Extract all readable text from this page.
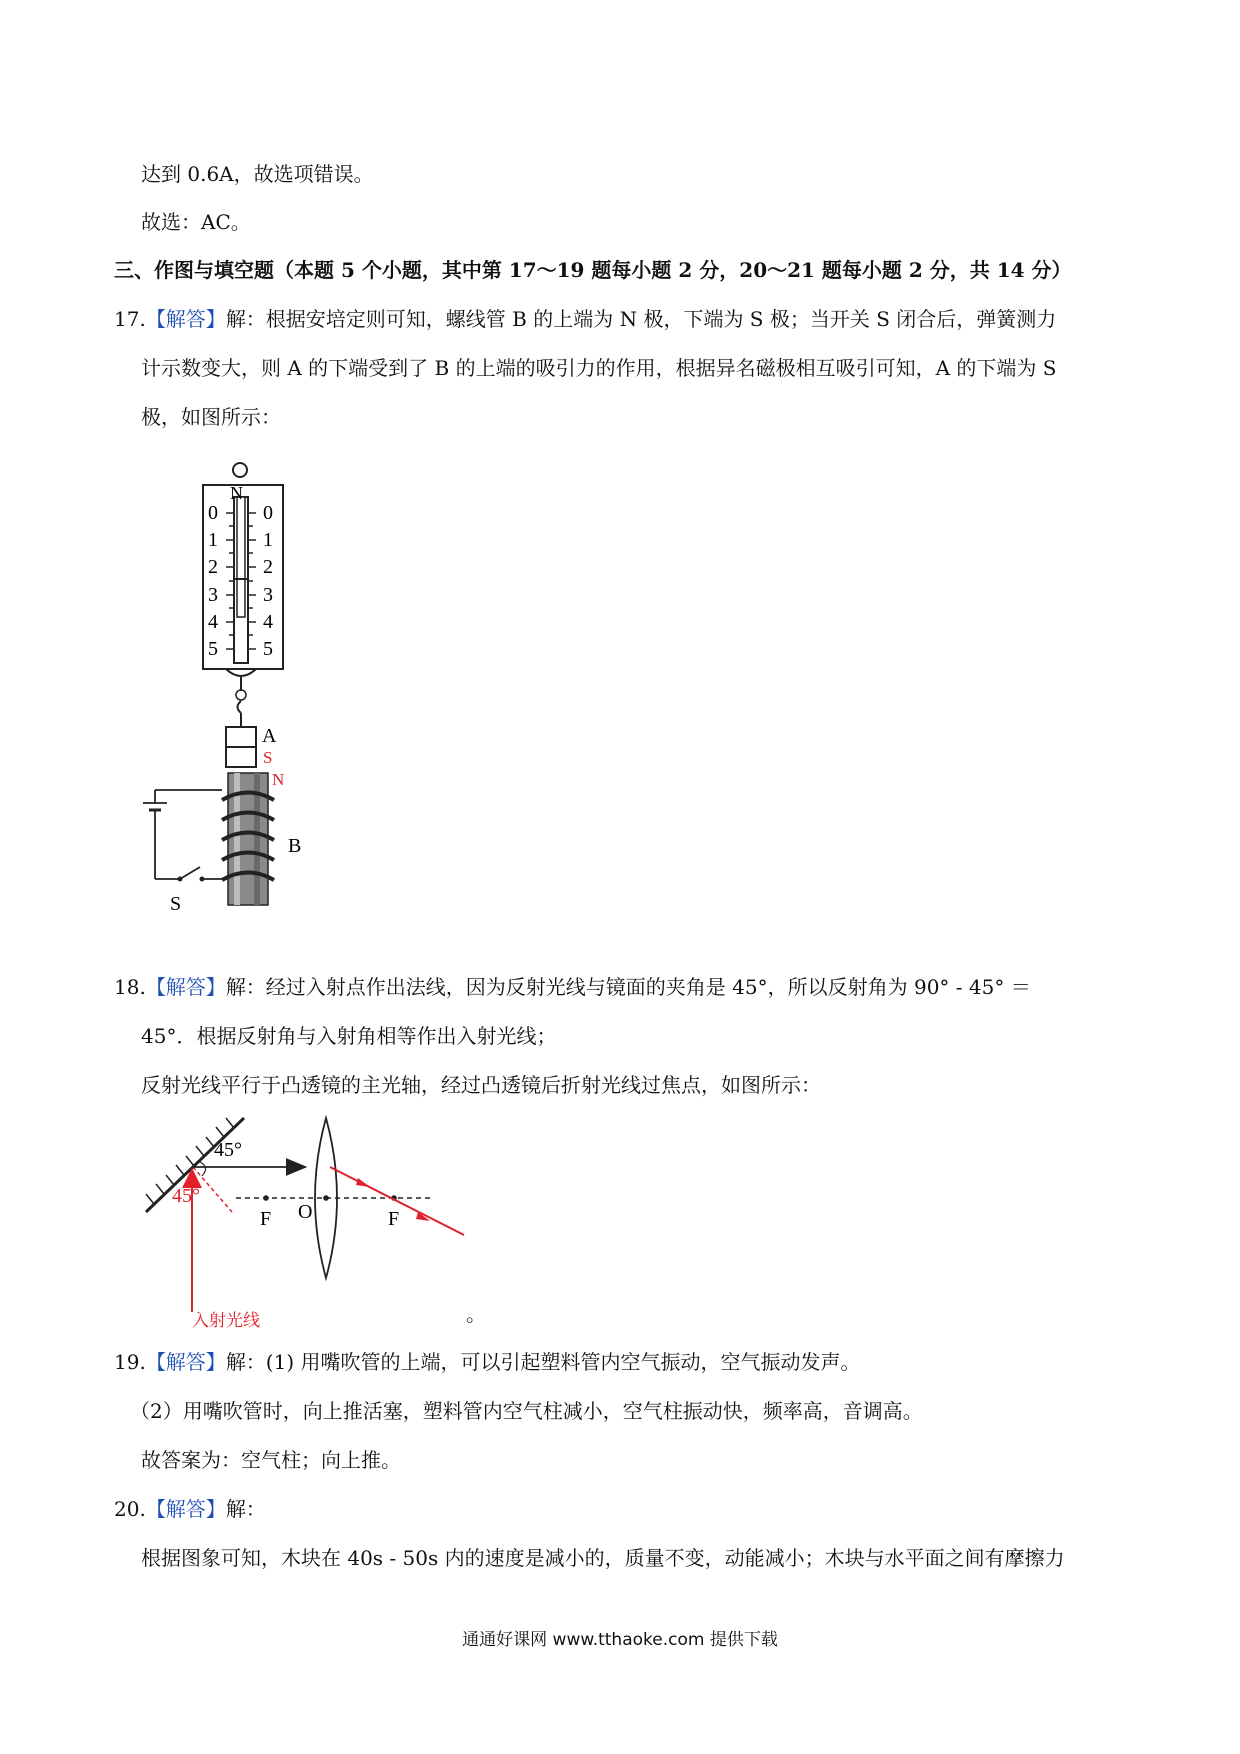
达到 0.6A，故选项错误。
故选：AC。
三、作图与填空题（本题 5 个小题，其中第 17～19 题每小题 2 分，20～21 题每小题 2 分，共 14 分）
17.【解答】解：根据安培定则可知，螺线管 B 的上端为 N 极，下端为 S 极；当开关 S 闭合后，弹簧测力
计示数变大，则 A 的下端受到了 B 的上端的吸引力的作用，根据异名磁极相互吸引可知，A 的下端为 S
极，如图所示：
N
0
1
2
3
4
5
0
1
2
3
4
5
A
S
N
B
S
18.【解答】解：经过入射点作出法线，因为反射光线与镜面的夹角是 45°，所以反射角为 90° - 45° ＝
45°．根据反射角与入射角相等作出入射光线；
反射光线平行于凸透镜的主光轴，经过凸透镜后折射光线过焦点，如图所示：
45°
45°
F O	F
入射光线	。
19.【解答】解：(1) 用嘴吹管的上端，可以引起塑料管内空气振动，空气振动发声。
（2）用嘴吹管时，向上推活塞，塑料管内空气柱减小，空气柱振动快，频率高，音调高。
故答案为：空气柱；向上推。
20.【解答】解：
根据图象可知，木块在 40s - 50s 内的速度是减小的，质量不变，动能减小；木块与水平面之间有摩擦力
通通好课网 www.tthaoke.com 提供下载
